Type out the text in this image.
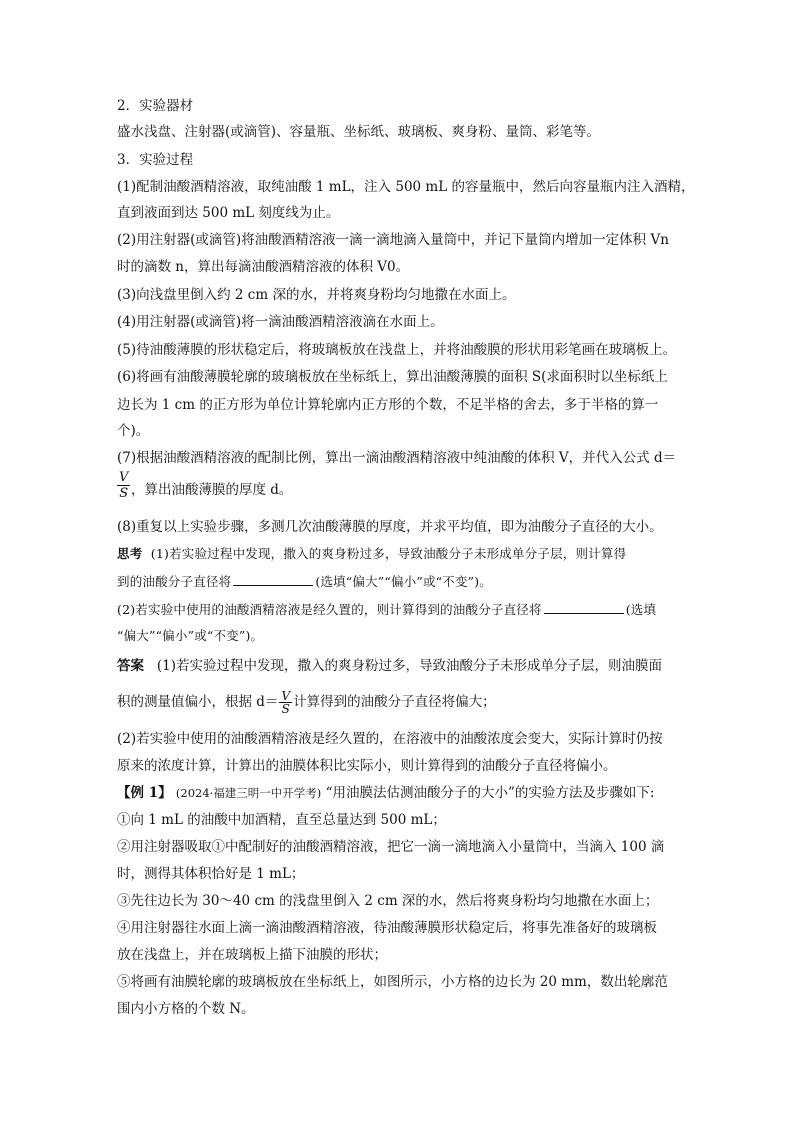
2．实验器材
盛水浅盘、注射器(或滴管)、容量瓶、坐标纸、玻璃板、爽身粉、量筒、彩笔等。
3．实验过程
(1)配制油酸酒精溶液，取纯油酸 1 mL，注入 500 mL 的容量瓶中，然后向容量瓶内注入酒精，
直到液面到达 500 mL 刻度线为止。
(2)用注射器(或滴管)将油酸酒精溶液一滴一滴地滴入量筒中，并记下量筒内增加一定体积 Vn
时的滴数 n，算出每滴油酸酒精溶液的体积 V0。
(3)向浅盘里倒入约 2 cm 深的水，并将爽身粉均匀地撒在水面上。
(4)用注射器(或滴管)将一滴油酸酒精溶液滴在水面上。
(5)待油酸薄膜的形状稳定后，将玻璃板放在浅盘上，并将油酸膜的形状用彩笔画在玻璃板上。
(6)将画有油酸薄膜轮廓的玻璃板放在坐标纸上，算出油酸薄膜的面积 S(求面积时以坐标纸上
边长为 1 cm 的正方形为单位计算轮廓内正方形的个数，不足半格的舍去，多于半格的算一
个)。
(7)根据油酸酒精溶液的配制比例，算出一滴油酸酒精溶液中纯油酸的体积 V，并代入公式 d＝
$\frac{V}{S}$ ，算出油酸薄膜的厚度 d。
(8)重复以上实验步骤，多测几次油酸薄膜的厚度，并求平均值，即为油酸分子直径的大小。
思考 (1)若实验过程中发现，撒入的爽身粉过多，导致油酸分子未形成单分子层，则计算得
到的油酸分子直径将	(选填“偏大”“偏小”或“不变”)。
(2)若实验中使用的油酸酒精溶液是经久置的，则计算得到的油酸分子直径将	(选填
“偏大”“偏小”或“不变”)。
答案 (1)若实验过程中发现，撒入的爽身粉过多，导致油酸分子未形成单分子层，则油膜面
积的测量值偏小，根据 $d= \frac{V}{S}$ 计算得到的油酸分子直径将偏大；
(2)若实验中使用的油酸酒精溶液是经久置的，在溶液中的油酸浓度会变大，实际计算时仍按
原来的浓度计算，计算出的油膜体积比实际小，则计算得到的油酸分子直径将偏小。
【例 1】 (2024·福建三明一中开学考) “用油膜法估测油酸分子的大小”的实验方法及步骤如下:
①向 1 mL 的油酸中加酒精，直至总量达到 500 mL；
②用注射器吸取①中配制好的油酸酒精溶液，把它一滴一滴地滴入小量筒中，当滴入 100 滴
时，测得其体积恰好是 1 mL；
③先往边长为 30～40 cm 的浅盘里倒入 2 cm 深的水，然后将爽身粉均匀地撒在水面上；
④用注射器往水面上滴一滴油酸酒精溶液，待油酸薄膜形状稳定后，将事先准备好的玻璃板
放在浅盘上，并在玻璃板上描下油膜的形状；
⑤将画有油膜轮廓的玻璃板放在坐标纸上，如图所示，小方格的边长为 20 mm，数出轮廓范
围内小方格的个数 N。
